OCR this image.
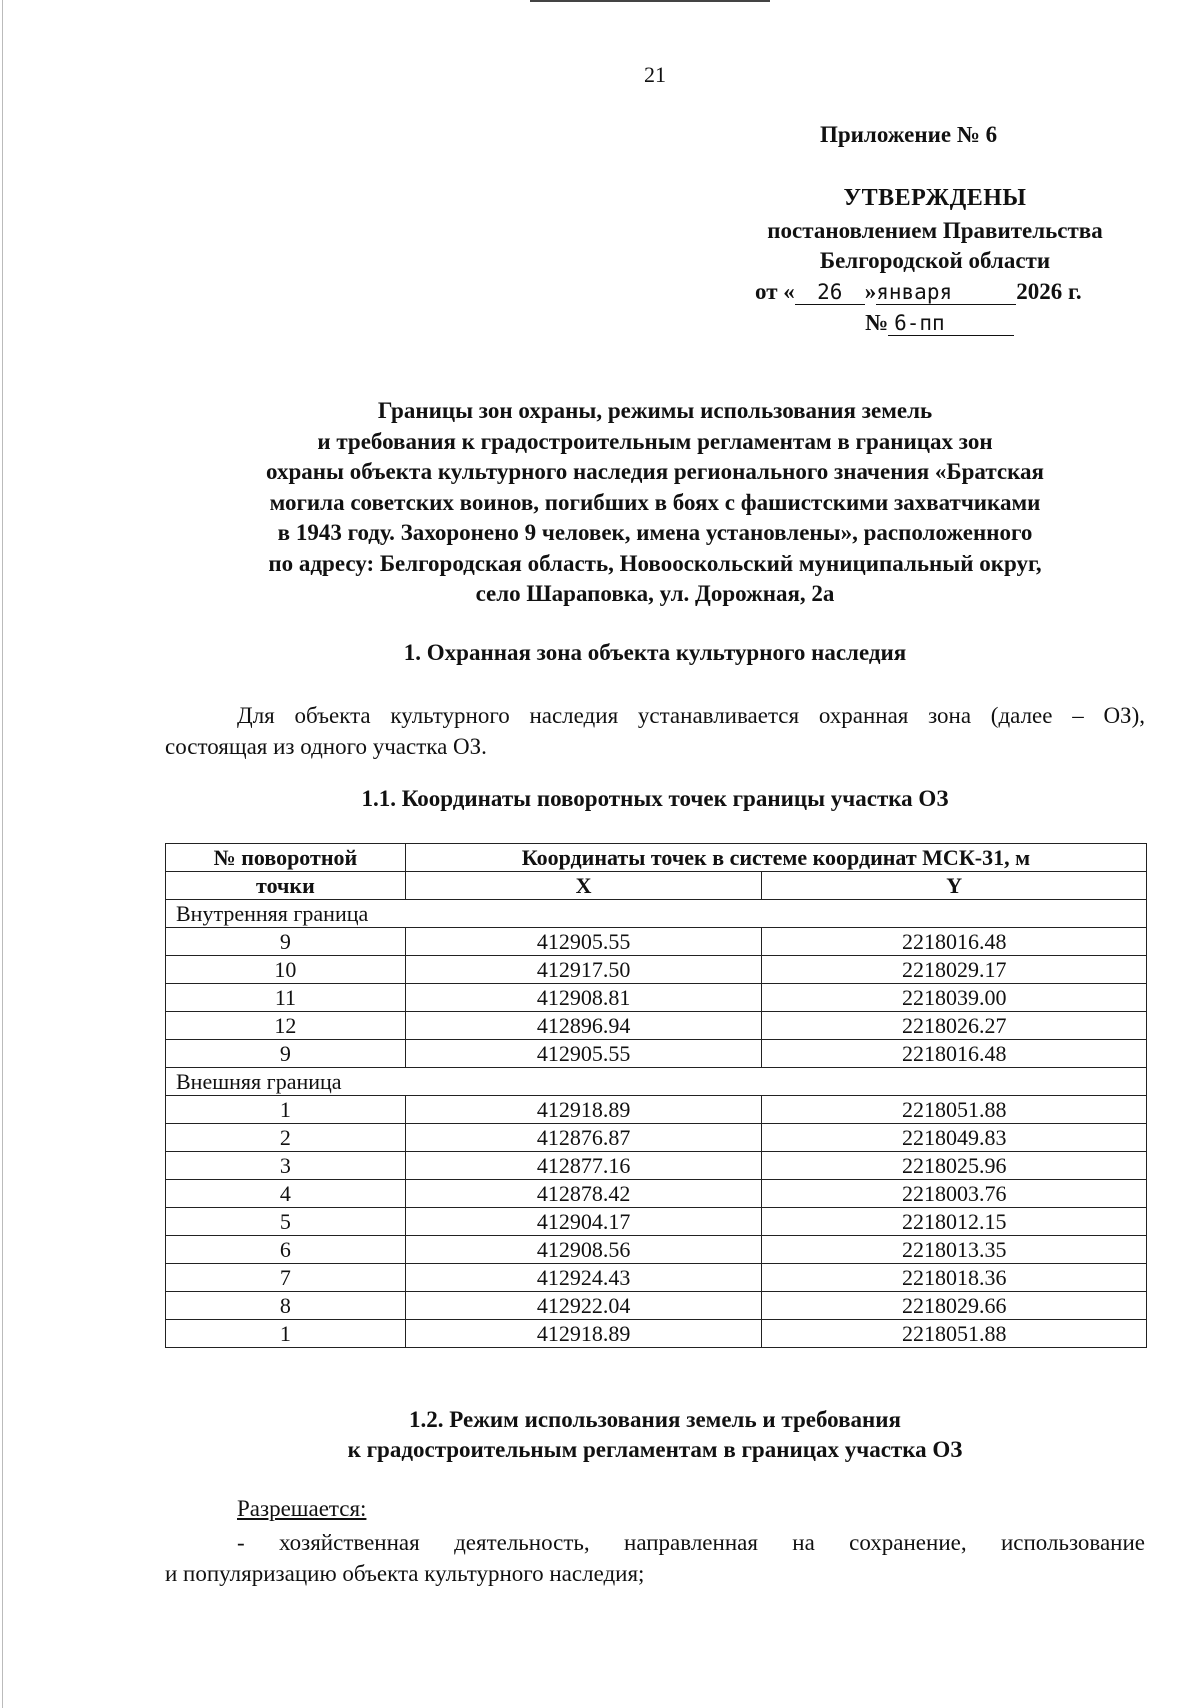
21
Приложение № 6
УТВЕРЖДЕНЫ
постановлением Правительства
Белгородской области
от « 26 »января	2026 г.
№ 6-пп
Границы зон охраны, режимы использования земель
и требования к градостроительным регламентам в границах зон
охраны объекта культурного наследия регионального значения «Братская
могила советских воинов, погибших в боях с фашистскими захватчиками
в 1943 году. Захоронено 9 человек, имена установлены», расположенного
по адресу: Белгородская область, Новооскольский муниципальный округ,
село Шараповка, ул. Дорожная, 2а
1. Охранная зона объекта культурного наследия
Для объекта культурного наследия устанавливается охранная зона (далее – ОЗ),
состоящая из одного участка ОЗ.
1.1. Координаты поворотных точек границы участка ОЗ
№ поворотной	Координаты точек в системе координат МСК-31, м	
точки	X	Y
Внутренняя граница		
9	412905.55	2218016.48
10	412917.50	2218029.17
11	412908.81	2218039.00
12	412896.94	2218026.27
9	412905.55	2218016.48
Внешняя граница		
1	412918.89	2218051.88
2	412876.87	2218049.83
3	412877.16	2218025.96
4	412878.42	2218003.76
5	412904.17	2218012.15
6	412908.56	2218013.35
7	412924.43	2218018.36
8	412922.04	2218029.66
1	412918.89	2218051.88
1.2. Режим использования земель и требования
к градостроительным регламентам в границах участка ОЗ
Разрешается:
- хозяйственная деятельность, направленная на сохранение, использование
и популяризацию объекта культурного наследия;
